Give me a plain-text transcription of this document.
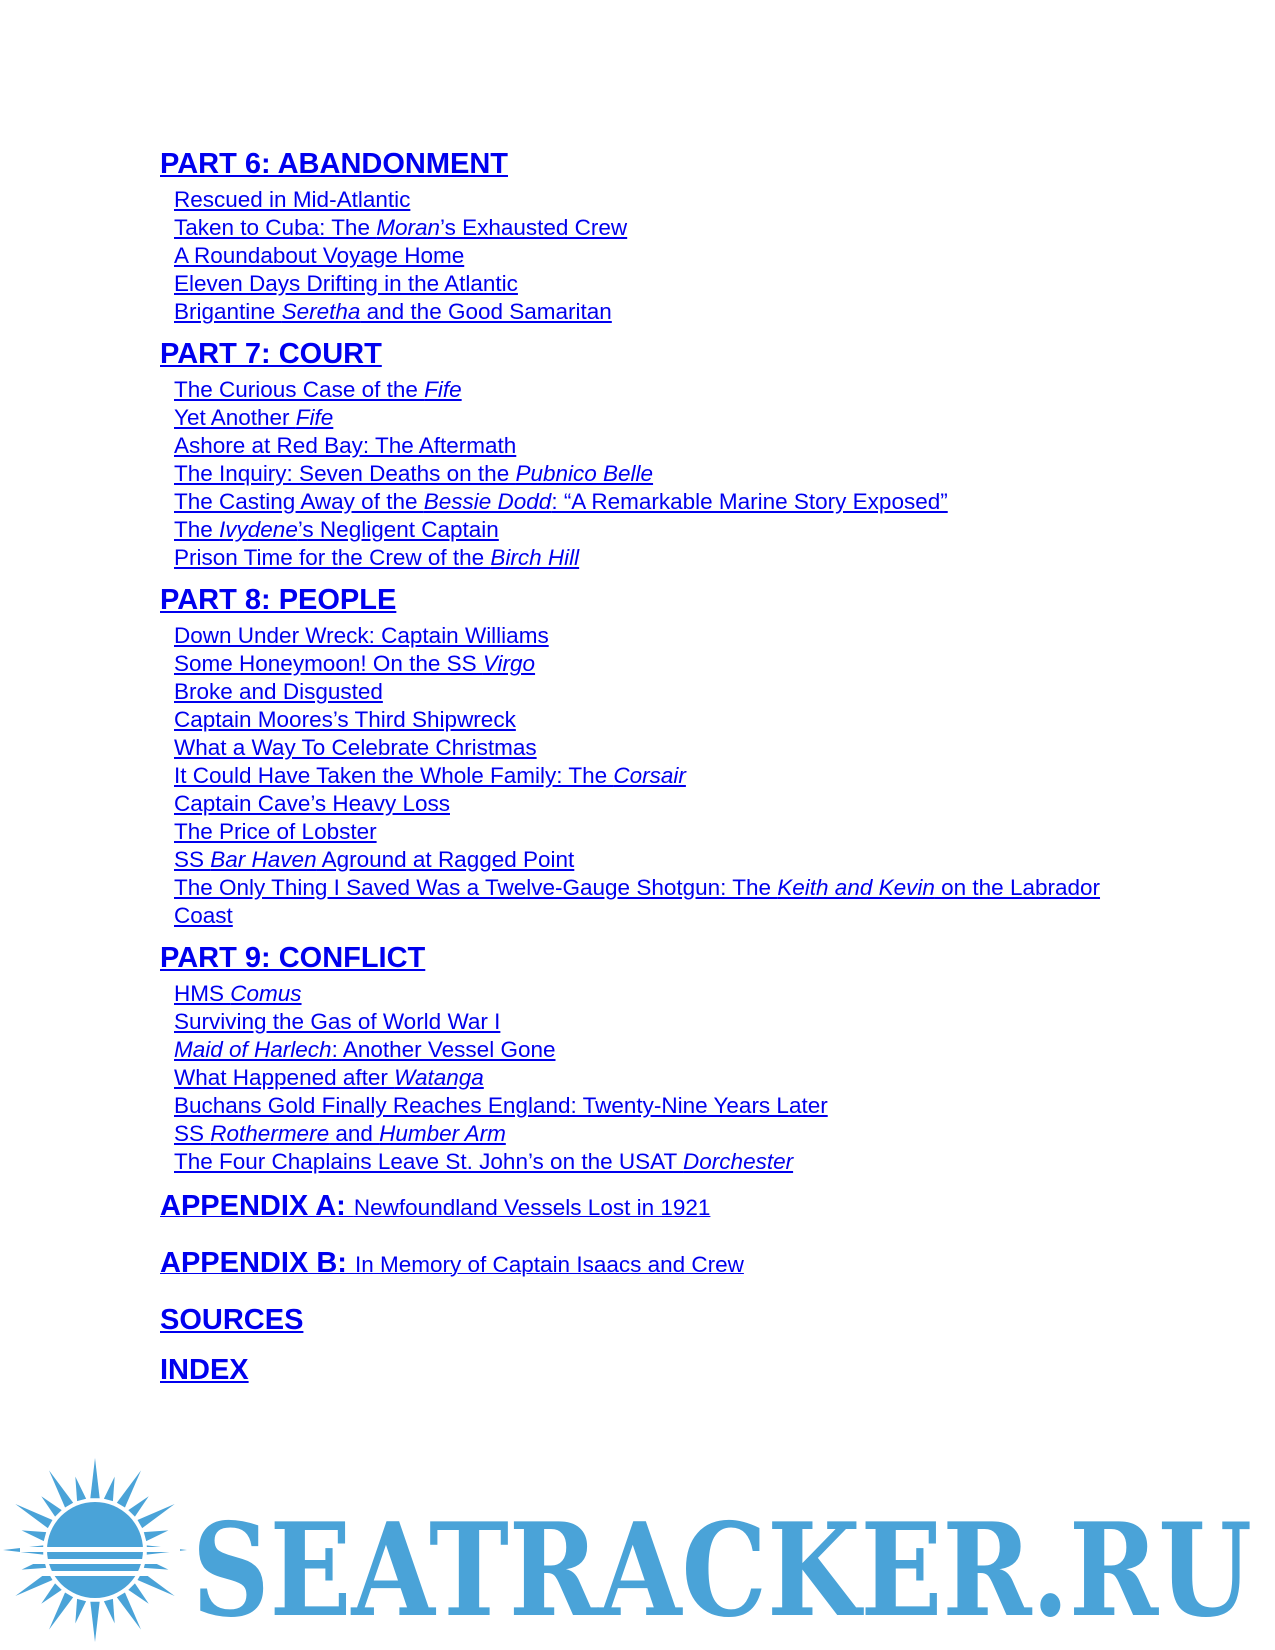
PART 6: ABANDONMENT
Rescued in Mid-Atlantic
Taken to Cuba: The Moran’s Exhausted Crew
A Roundabout Voyage Home
Eleven Days Drifting in the Atlantic
Brigantine Seretha and the Good Samaritan
PART 7: COURT
The Curious Case of the Fife
Yet Another Fife
Ashore at Red Bay: The Aftermath
The Inquiry: Seven Deaths on the Pubnico Belle
The Casting Away of the Bessie Dodd: “A Remarkable Marine Story Exposed”
The Ivydene’s Negligent Captain
Prison Time for the Crew of the Birch Hill
PART 8: PEOPLE
Down Under Wreck: Captain Williams
Some Honeymoon! On the SS Virgo
Broke and Disgusted
Captain Moores’s Third Shipwreck
What a Way To Celebrate Christmas
It Could Have Taken the Whole Family: The Corsair
Captain Cave’s Heavy Loss
The Price of Lobster
SS Bar Haven Aground at Ragged Point
The Only Thing I Saved Was a Twelve-Gauge Shotgun: The Keith and Kevin on the Labrador Coast
PART 9: CONFLICT
HMS Comus
Surviving the Gas of World War I
Maid of Harlech: Another Vessel Gone
What Happened after Watanga
Buchans Gold Finally Reaches England: Twenty-Nine Years Later
SS Rothermere and Humber Arm
The Four Chaplains Leave St. John’s on the USAT Dorchester
APPENDIX A: Newfoundland Vessels Lost in 1921
APPENDIX B: In Memory of Captain Isaacs and Crew
SOURCES
INDEX
SEATRACKER.RU
